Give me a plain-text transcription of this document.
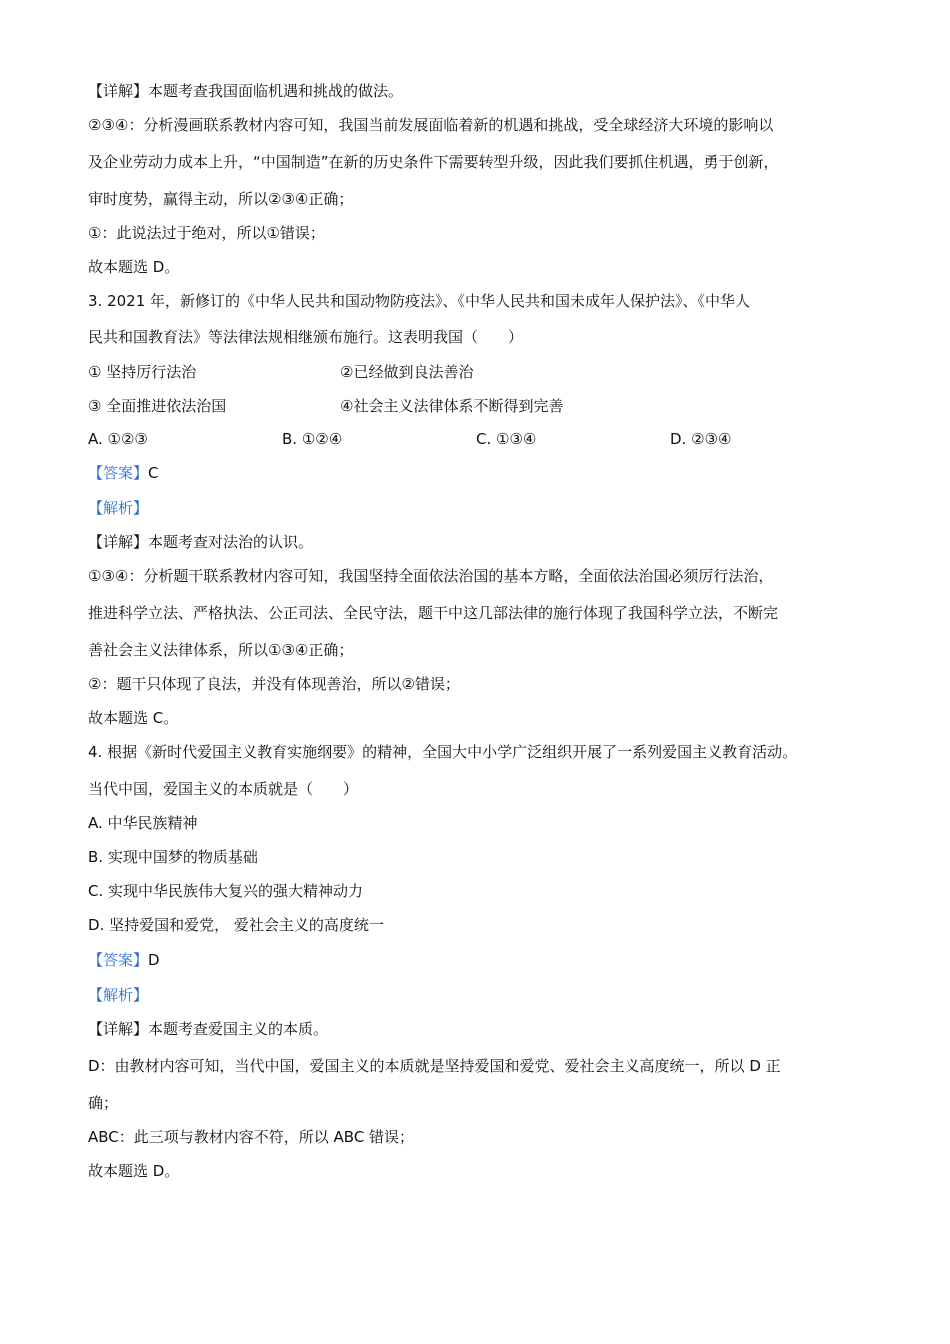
【详解】本题考查我国面临机遇和挑战的做法。
②③④：分析漫画联系教材内容可知，我国当前发展面临着新的机遇和挑战，受全球经济大环境的影响以
及企业劳动力成本上升，“中国制造”在新的历史条件下需要转型升级，因此我们要抓住机遇，勇于创新，
审时度势，赢得主动，所以②③④正确；
①：此说法过于绝对，所以①错误；
故本题选 D。
3. 2021 年，新修订的《中华人民共和国动物防疫法》、《中华人民共和国未成年人保护法》、《中华人
民共和国教育法》等法律法规相继颁布施行。这表明我国（　　）
① 坚持厉行法治	②已经做到良法善治
③ 全面推进依法治国	④社会主义法律体系不断得到完善
A. ①②③	B. ①②④	C. ①③④	D. ②③④
【答案】C
【解析】
【详解】本题考查对法治的认识。
①③④：分析题干联系教材内容可知，我国坚持全面依法治国的基本方略，全面依法治国必须厉行法治，
推进科学立法、严格执法、公正司法、全民守法，题干中这几部法律的施行体现了我国科学立法，不断完
善社会主义法律体系，所以①③④正确；
②：题干只体现了良法，并没有体现善治，所以②错误；
故本题选 C。
4. 根据《新时代爱国主义教育实施纲要》的精神，全国大中小学广泛组织开展了一系列爱国主义教育活动。
当代中国，爱国主义的本质就是（　　）
A. 中华民族精神
B. 实现中国梦的物质基础
C. 实现中华民族伟大复兴的强大精神动力
D. 坚持爱国和爱党， 爱社会主义的高度统一
【答案】D
【解析】
【详解】本题考查爱国主义的本质。
D：由教材内容可知，当代中国，爱国主义的本质就是坚持爱国和爱党、爱社会主义高度统一，所以 D 正
确；
ABC：此三项与教材内容不符，所以 ABC 错误；
故本题选 D。
